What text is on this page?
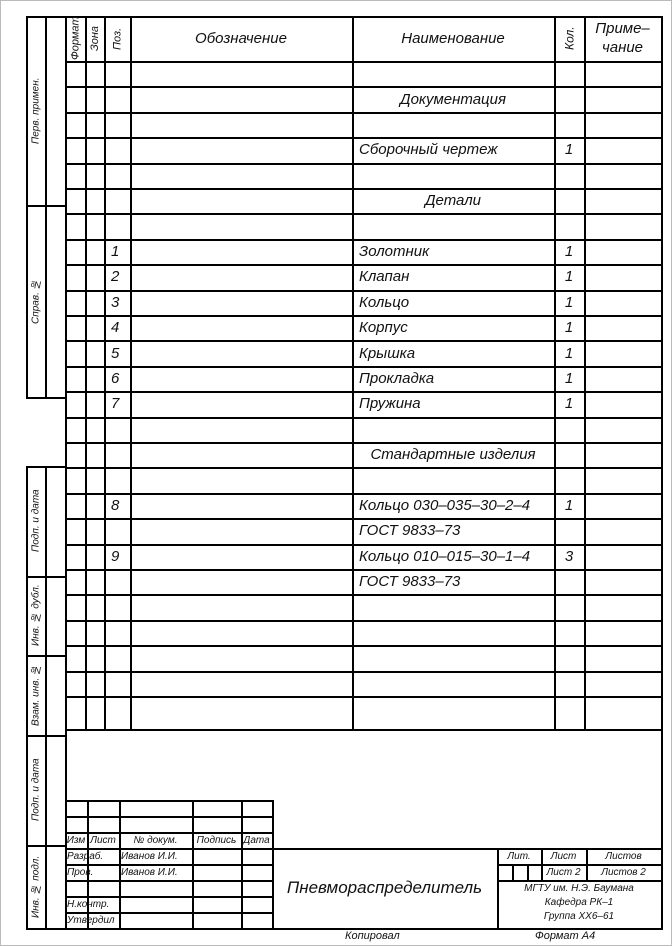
Формат Зона Поз.	Обозначение	Наименование	Кол.	Приме–
чание
Документация
Сборочный чертеж	1
Детали
1	Золотник	1
2	Клапан	1
3	Кольцо	1
4	Корпус	1
5	Крышка	1
6	Прокладка	1
7	Пружина	1
Стандартные изделия
8	Кольцо 030–035–30–2–4	1
ГОСТ 9833–73
9	Кольцо 010–015–30–1–4	3
ГОСТ 9833–73
Перв. примен.
Справ. №
Подп. и дата
Инв. № дубл.
Взам. инв. №
Подп. и дата
Инв. № подл.
Изм Лист	№ докум.	Подпись Дата
Разраб. Иванов И.И.
Пров.	Иванов И.И.
Н.контр.
Утвердил
Пневмораспределитель
Лит.	Лист	Листов
Лист 2	Листов 2
МГТУ им. Н.Э. Баумана
Кафедра РК–1
Группа ХХ6–61
Копировал	Формат А4
